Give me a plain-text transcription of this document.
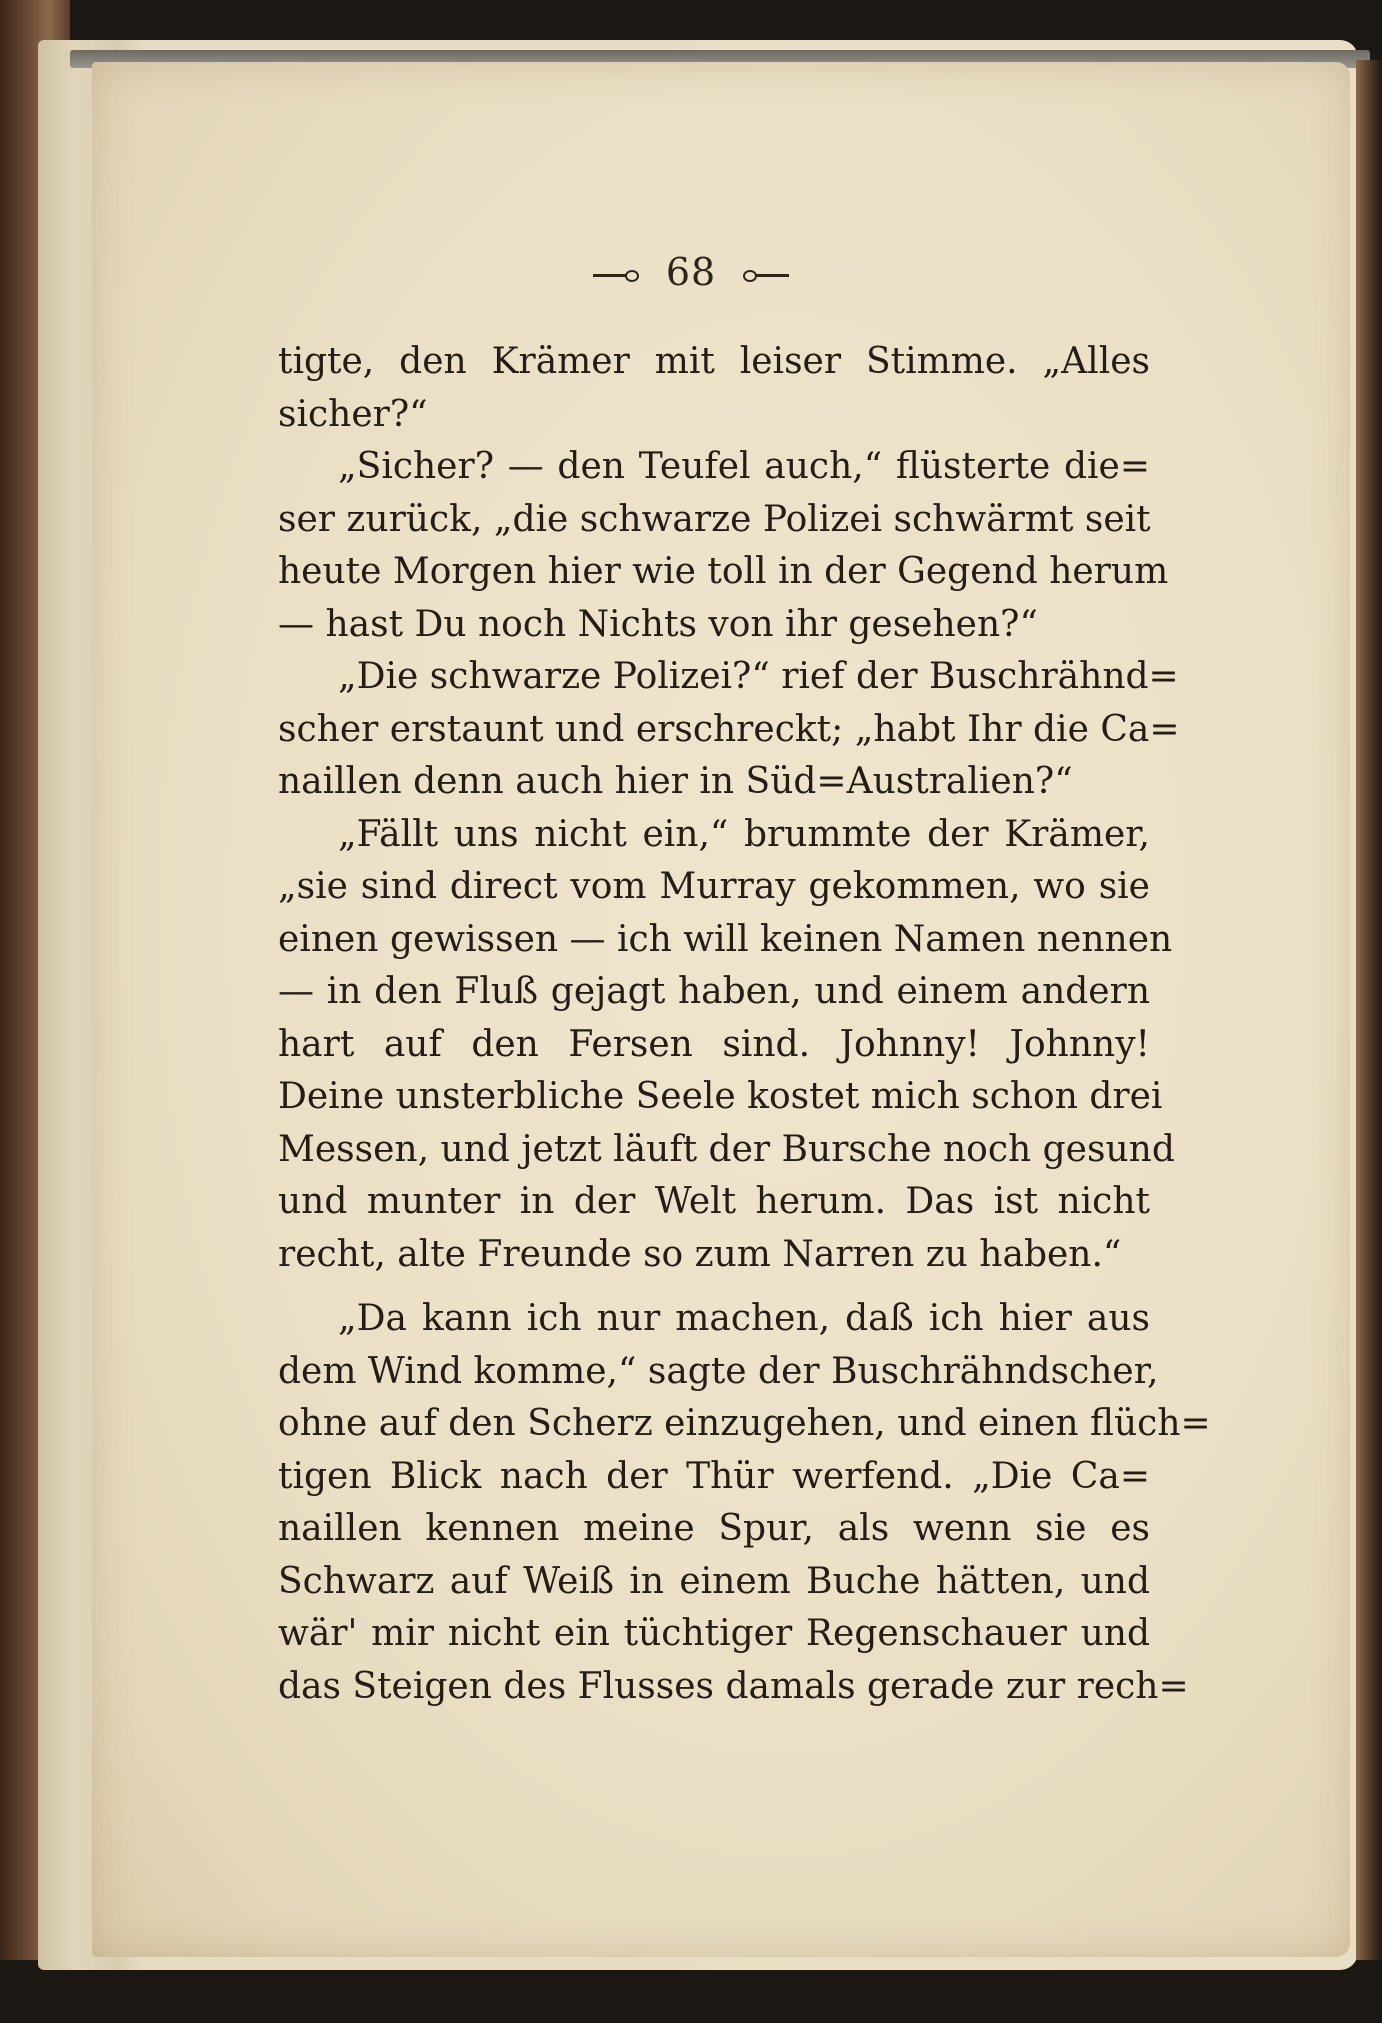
68
tigte, den Krämer mit leiser Stimme. „Alles
sicher?“
„Sicher? — den Teufel auch,“ flüsterte die=
ser zurück, „die schwarze Polizei schwärmt seit
heute Morgen hier wie toll in der Gegend herum
— hast Du noch Nichts von ihr gesehen?“
„Die schwarze Polizei?“ rief der Buschrähnd=
scher erstaunt und erschreckt; „habt Ihr die Ca=
naillen denn auch hier in Süd=Australien?“
„Fällt uns nicht ein,“ brummte der Krämer,
„sie sind direct vom Murray gekommen, wo sie
einen gewissen — ich will keinen Namen nennen
— in den Fluß gejagt haben, und einem andern
hart auf den Fersen sind. Johnny! Johnny!
Deine unsterbliche Seele kostet mich schon drei
Messen, und jetzt läuft der Bursche noch gesund
und munter in der Welt herum. Das ist nicht
recht, alte Freunde so zum Narren zu haben.“
„Da kann ich nur machen, daß ich hier aus
dem Wind komme,“ sagte der Buschrähndscher,
ohne auf den Scherz einzugehen, und einen flüch=
tigen Blick nach der Thür werfend. „Die Ca=
naillen kennen meine Spur, als wenn sie es
Schwarz auf Weiß in einem Buche hätten, und
wär' mir nicht ein tüchtiger Regenschauer und
das Steigen des Flusses damals gerade zur rech=
